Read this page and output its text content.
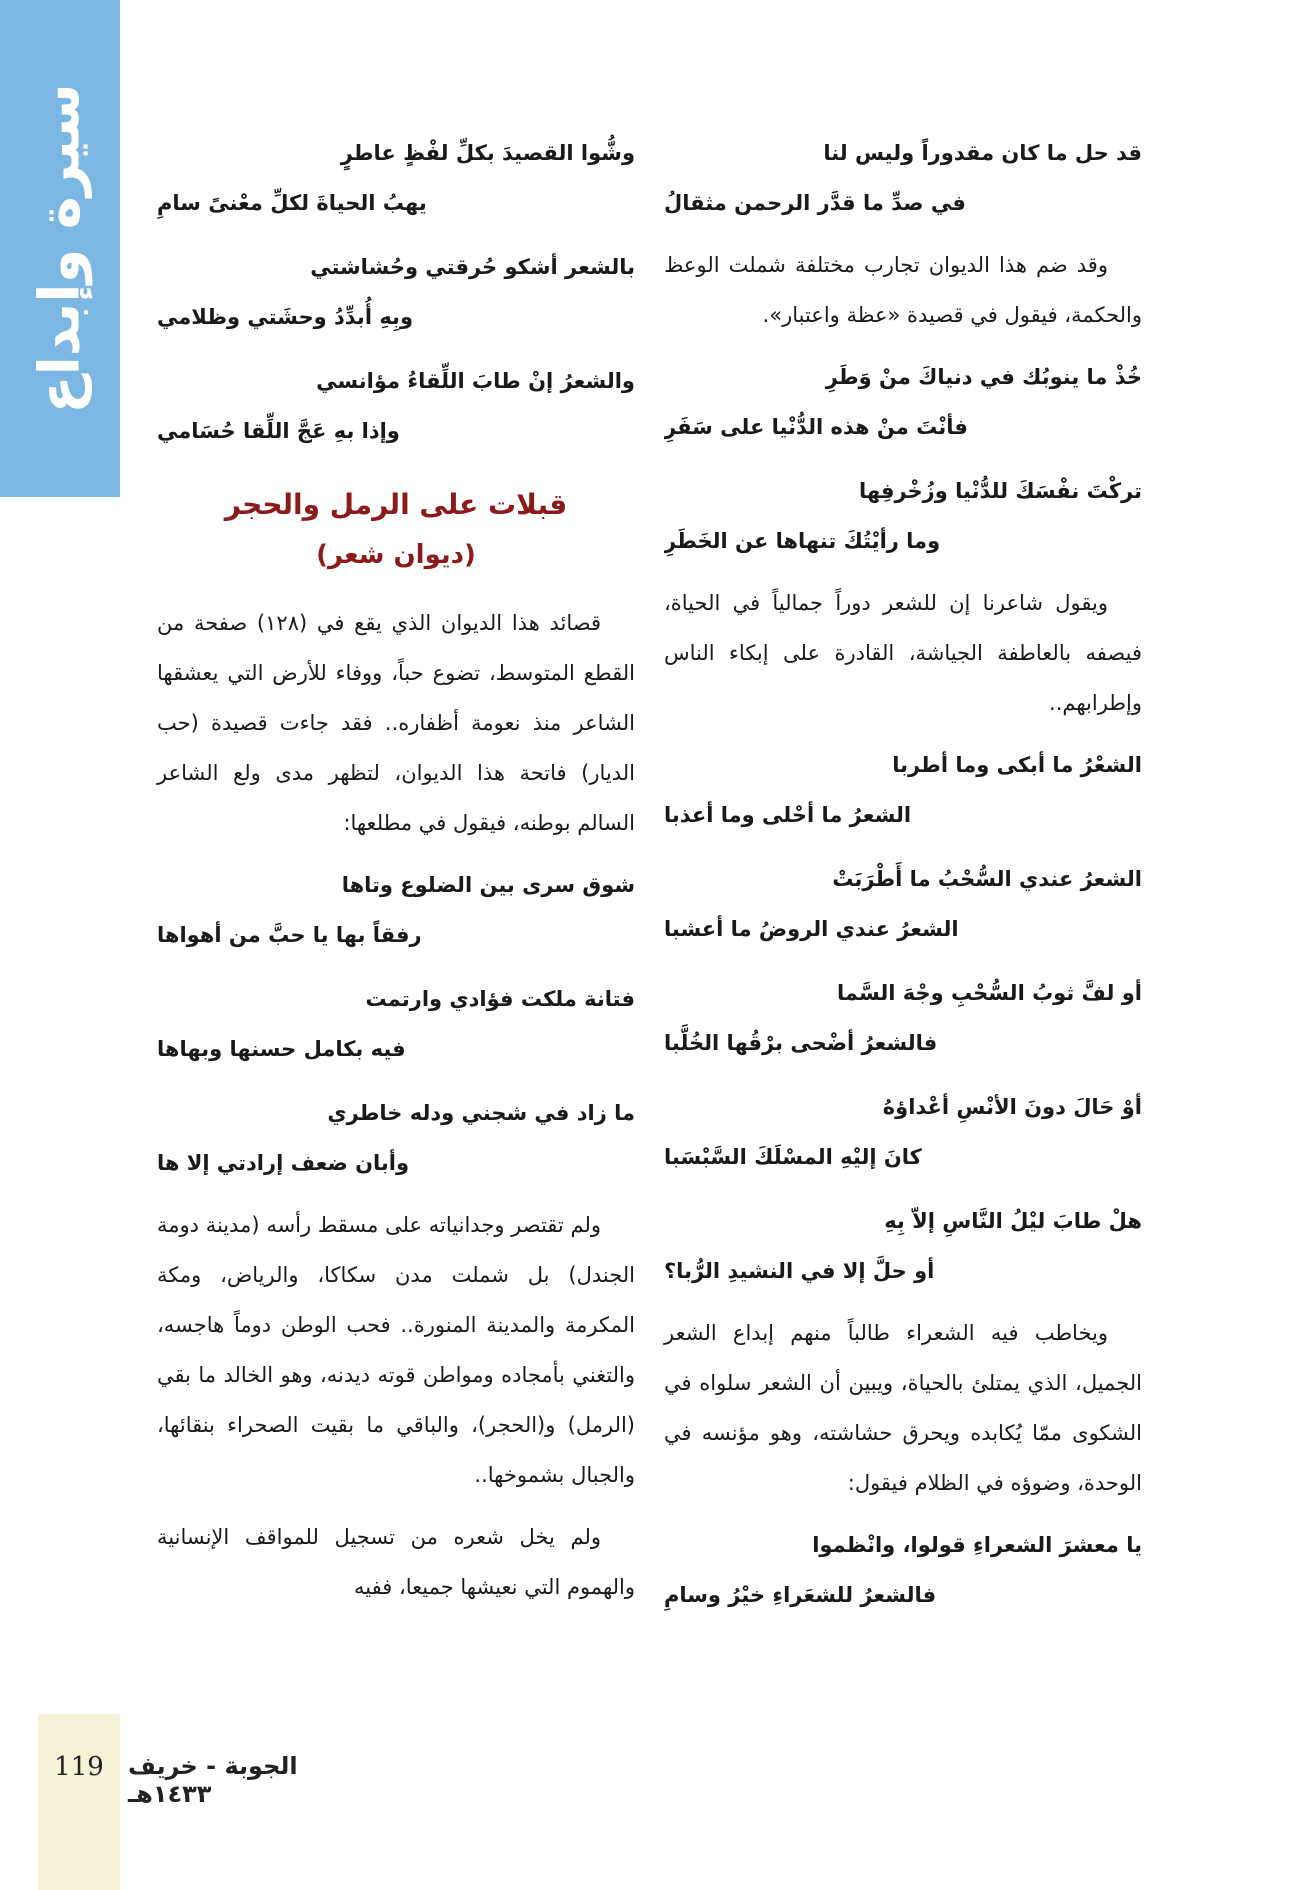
سيرة وإبداع
119	الجوبة - خريف ١٤٣٣هـ
قد حل ما كان مقدوراً وليس لنا
في صدِّ ما قدَّر الرحمن مثقالُ

وقد ضم هذا الديوان تجارب مختلفة شملت الوعظ والحكمة، فيقول في قصيدة «عظة واعتبار».

خُذْ ما ينوبُك في دنياكَ منْ وَطَرِ
فأنْتَ منْ هذه الدُّنْيا على سَفَرِ
تركْتَ نفْسَكَ للدُّنْيا وزُخْرفِها
وما رأيْتُكَ تنهاها عن الخَطَرِ

ويقول شاعرنا إن للشعر دوراً جمالياً في الحياة، فيصفه بالعاطفة الجياشة، القادرة على إبكاء الناس وإطرابهم..

الشعْرُ ما أبكى وما أطربا
الشعرُ ما أحْلى وما أعذبا
الشعرُ عندي السُّحْبُ ما أَطْرَبَتْ
الشعرُ عندي الروضُ ما أعشبا
أو لفَّ ثوبُ السُّحْبِ وجْهَ السَّما
فالشعرُ أضْحى برْقُها الخُلَّبا
أوْ حَالَ دونَ الأنْسِ أعْداؤهُ
كانَ إليْهِ المسْلَكَ السَّبْسَبا
هلْ طابَ ليْلُ النَّاسِ إلاّ بِهِ
أو حلَّ إلا في النشيدِ الرُّبا؟

ويخاطب فيه الشعراء طالباً منهم إبداع الشعر الجميل، الذي يمتلئ بالحياة، ويبين أن الشعر سلواه في الشكوى ممّا يُكابده ويحرق حشاشته، وهو مؤنسه في الوحدة، وضوؤه في الظلام فيقول:

يا معشرَ الشعراءِ قولوا، وانْظموا
فالشعرُ للشعَراءِ خيْرُ وسامِ
وشُّوا القصيدَ بكلِّ لفْظٍ عاطرٍ
يهبُ الحياةَ لكلِّ معْنىً سامِ
بالشعر أشكو حُرقتي وحُشاشتي
وبِهِ أُبدِّدُ وحشَتي وظلامي
والشعرُ إنْ طابَ اللِّقاءُ مؤانسي
وإذا بهِ عَجَّ اللِّقا حُسَامي
قبلات على الرمل والحجر
(ديوان شعر)

قصائد هذا الديوان الذي يقع في (١٢٨) صفحة من القطع المتوسط، تضوع حباً، ووفاء للأرض التي يعشقها الشاعر منذ نعومة أظفاره.. فقد جاءت قصيدة (حب الديار) فاتحة هذا الديوان، لتظهر مدى ولع الشاعر السالم بوطنه، فيقول في مطلعها:

شوق سرى بين الضلوع وتاها
رفقاً بها يا حبَّ من أهواها
فتانة ملكت فؤادي وارتمت
فيه بكامل حسنها وبهاها
ما زاد في شجني ودله خاطري
وأبان ضعف إرادتي إلا ها

ولم تقتصر وجدانياته على مسقط رأسه (مدينة دومة الجندل) بل شملت مدن سكاكا، والرياض، ومكة المكرمة والمدينة المنورة.. فحب الوطن دوماً هاجسه، والتغني بأمجاده ومواطن قوته ديدنه، وهو الخالد ما بقي (الرمل) و(الحجر)، والباقي ما بقيت الصحراء بنقائها، والجبال بشموخها..

ولم يخل شعره من تسجيل للمواقف الإنسانية والهموم التي نعيشها جميعا، ففيه
